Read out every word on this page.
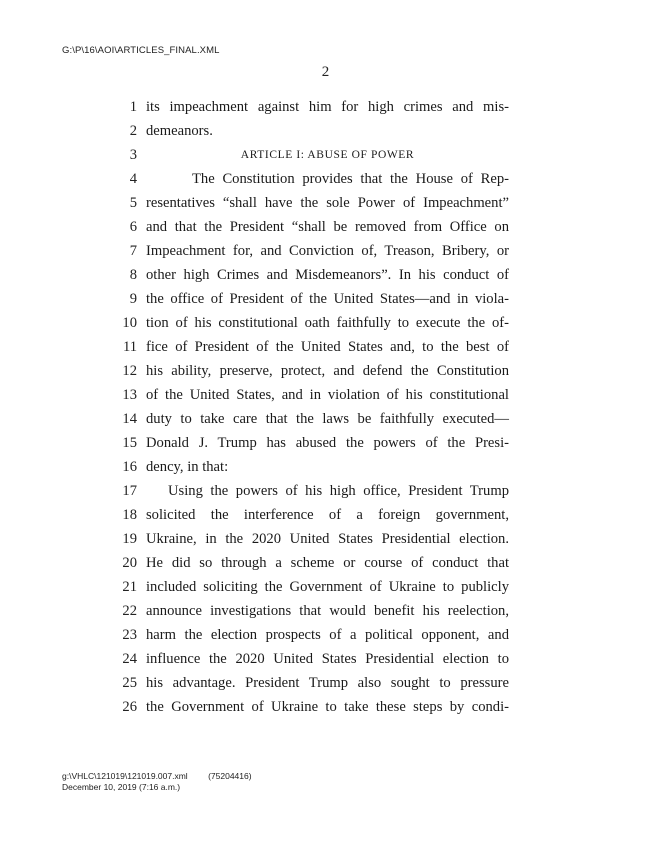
G:\P\16\AOI\ARTICLES_FINAL.XML
2
1 its impeachment against him for high crimes and mis-
2 demeanors.
3	ARTICLE I: ABUSE OF POWER
4	The Constitution provides that the House of Rep-
5 resentatives “shall have the sole Power of Impeachment”
6 and that the President “shall be removed from Office on
7 Impeachment for, and Conviction of, Treason, Bribery, or
8 other high Crimes and Misdemeanors”. In his conduct of
9 the office of President of the United States—and in viola-
10 tion of his constitutional oath faithfully to execute the of-
11 fice of President of the United States and, to the best of
12 his ability, preserve, protect, and defend the Constitution
13 of the United States, and in violation of his constitutional
14 duty to take care that the laws be faithfully executed—
15 Donald J. Trump has abused the powers of the Presi-
16 dency, in that:
17	Using the powers of his high office, President Trump
18 solicited the interference of a foreign government,
19 Ukraine, in the 2020 United States Presidential election.
20 He did so through a scheme or course of conduct that
21 included soliciting the Government of Ukraine to publicly
22 announce investigations that would benefit his reelection,
23 harm the election prospects of a political opponent, and
24 influence the 2020 United States Presidential election to
25 his advantage. President Trump also sought to pressure
26 the Government of Ukraine to take these steps by condi-
g:\VHLC\121019\121019.007.xml (75204416)
December 10, 2019 (7:16 a.m.)
